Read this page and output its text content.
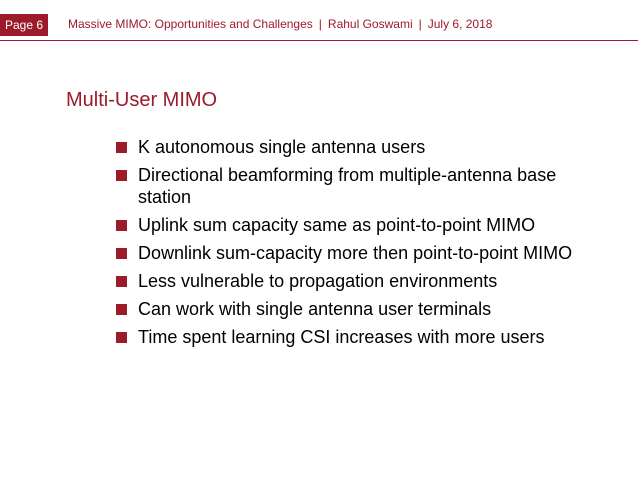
Page 6	Massive MIMO: Opportunities and Challenges | Rahul Goswami | July 6, 2018
Multi-User MIMO
K autonomous single antenna users
Directional beamforming from multiple-antenna base station
Uplink sum capacity same as point-to-point MIMO
Downlink sum-capacity more then point-to-point MIMO
Less vulnerable to propagation environments
Can work with single antenna user terminals
Time spent learning CSI increases with more users
